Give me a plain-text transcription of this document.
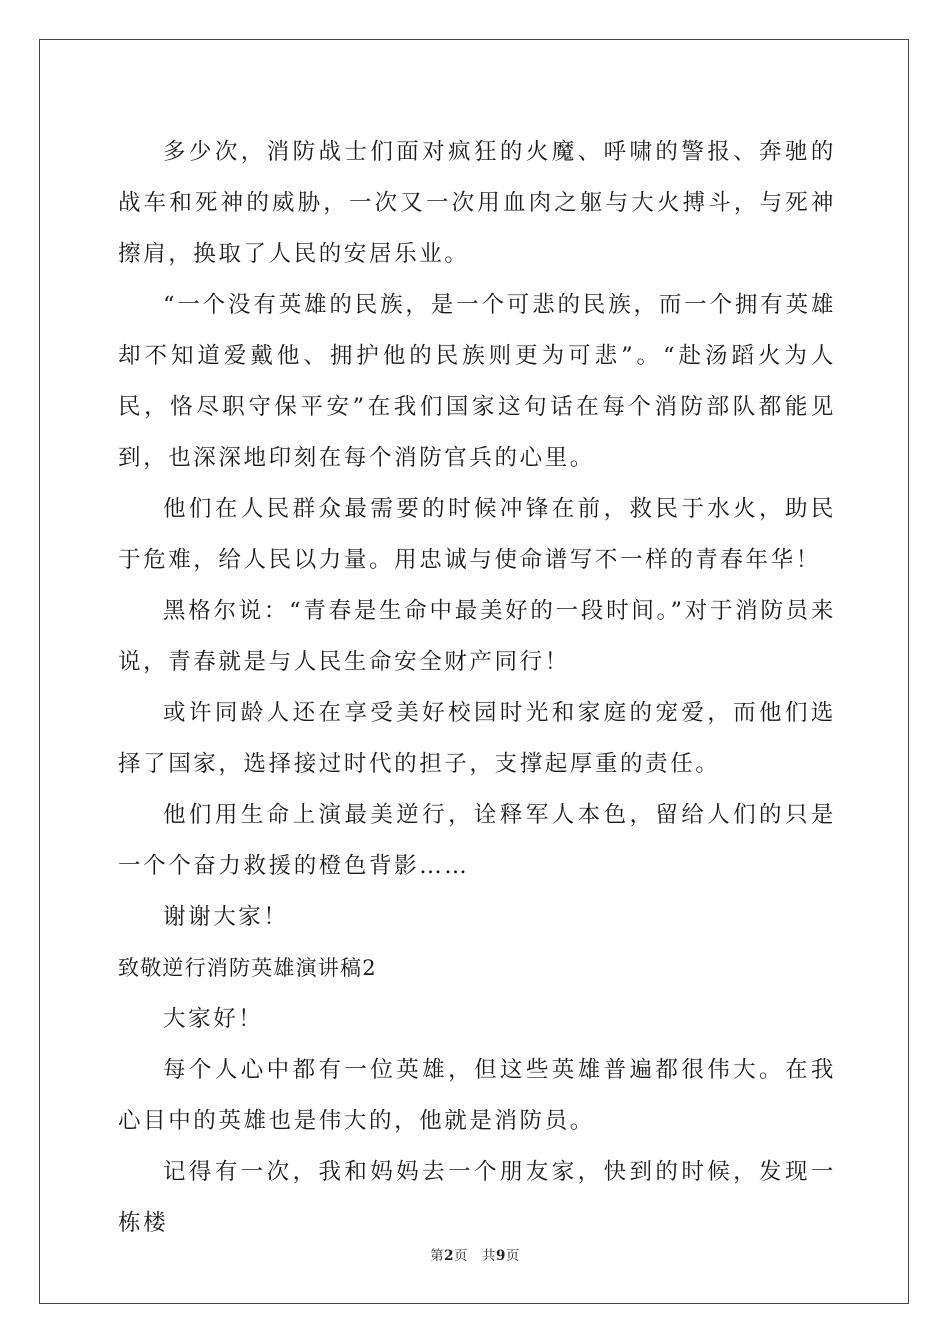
多少次，消防战士们面对疯狂的火魔、呼啸的警报、奔驰的战车和死神的威胁，一次又一次用血肉之躯与大火搏斗，与死神擦肩，换取了人民的安居乐业。

“一个没有英雄的民族，是一个可悲的民族，而一个拥有英雄却不知道爱戴他、拥护他的民族则更为可悲”。“赴汤蹈火为人民，恪尽职守保平安”在我们国家这句话在每个消防部队都能见到，也深深地印刻在每个消防官兵的心里。

他们在人民群众最需要的时候冲锋在前，救民于水火，助民于危难，给人民以力量。用忠诚与使命谱写不一样的青春年华！

黑格尔说：“青春是生命中最美好的一段时间。”对于消防员来说，青春就是与人民生命安全财产同行！

或许同龄人还在享受美好校园时光和家庭的宠爱，而他们选择了国家，选择接过时代的担子，支撑起厚重的责任。

他们用生命上演最美逆行，诠释军人本色，留给人们的只是一个个奋力救援的橙色背影……

谢谢大家！

致敬逆行消防英雄演讲稿2

大家好！

每个人心中都有一位英雄，但这些英雄普遍都很伟大。在我心目中的英雄也是伟大的，他就是消防员。

记得有一次，我和妈妈去一个朋友家，快到的时候，发现一栋楼

第2页 共9页
